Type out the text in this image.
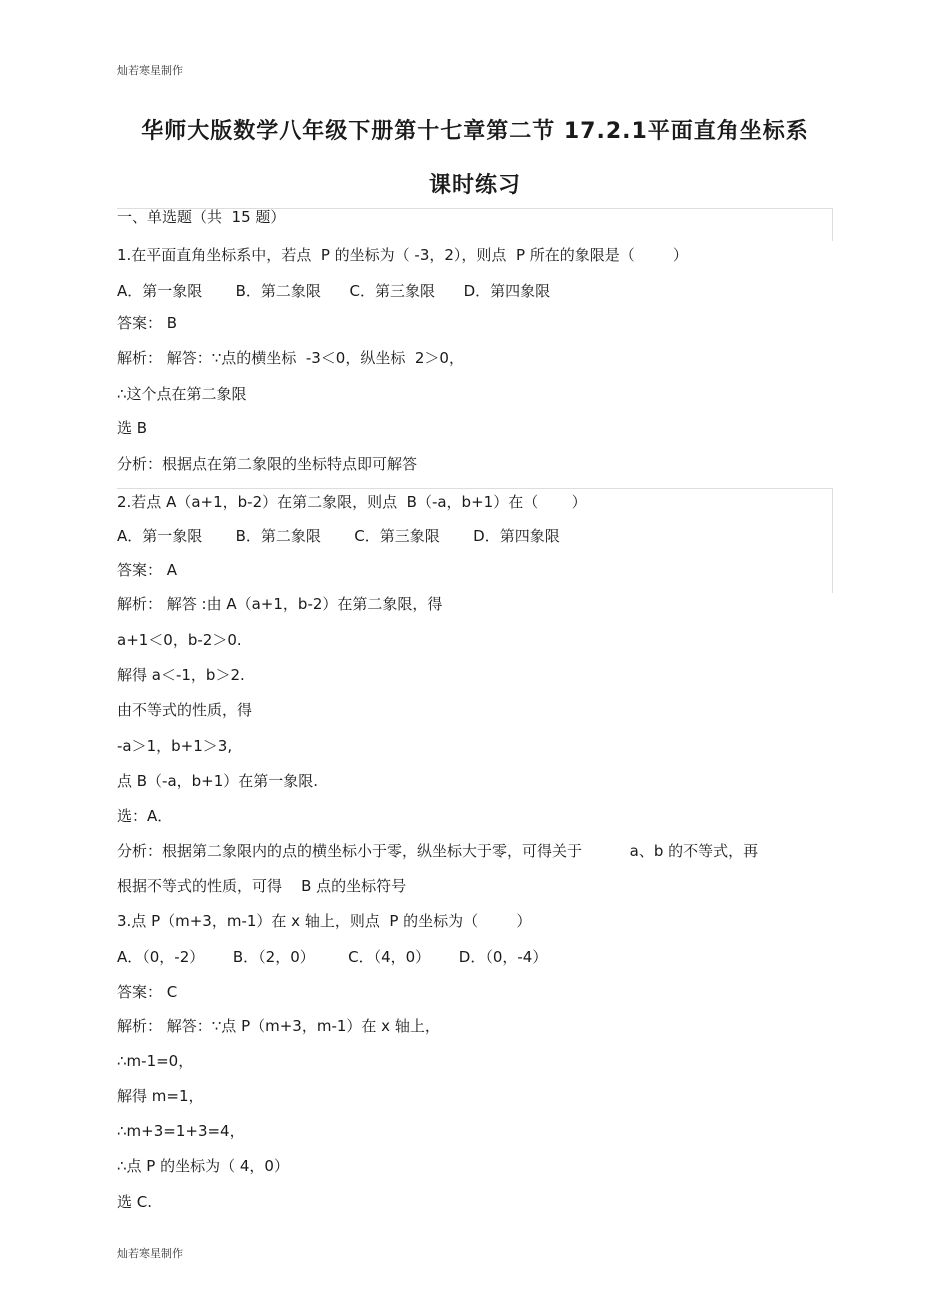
灿若寒星制作
华师大版数学八年级下册第十七章第二节 17.2.1平面直角坐标系
课时练习
一、单选题（共  15 题）
1.在平面直角坐标系中，若点  P 的坐标为（ -3，2），则点  P 所在的象限是（        ）
A．第一象限       B．第二象限      C．第三象限      D．第四象限
答案： B
解析： 解答：∵点的横坐标  -3＜0，纵坐标  2＞0，
∴这个点在第二象限
选 B
分析：根据点在第二象限的坐标特点即可解答
2.若点 A（a+1，b-2）在第二象限，则点  B（-a，b+1）在（       ）
A．第一象限       B．第二象限       C．第三象限       D．第四象限
答案： A
解析： 解答 :由 A（a+1，b-2）在第二象限，得
a+1＜0，b-2＞0.
解得 a＜-1，b＞2.
由不等式的性质，得
-a＞1，b+1＞3,
点 B（-a，b+1）在第一象限.
选：A．
分析：根据第二象限内的点的横坐标小于零，纵坐标大于零，可得关于          a、b 的不等式，再
根据不等式的性质，可得    B 点的坐标符号
3.点 P（m+3，m-1）在 x 轴上，则点  P 的坐标为（        ）
A．（0，-2）      B．（2，0）       C．（4，0）      D．（0，-4）
答案： C
解析： 解答：∵点 P（m+3，m-1）在 x 轴上，
∴m-1=0，
解得 m=1，
∴m+3=1+3=4，
∴点 P 的坐标为（ 4，0）
选 C.
灿若寒星制作
